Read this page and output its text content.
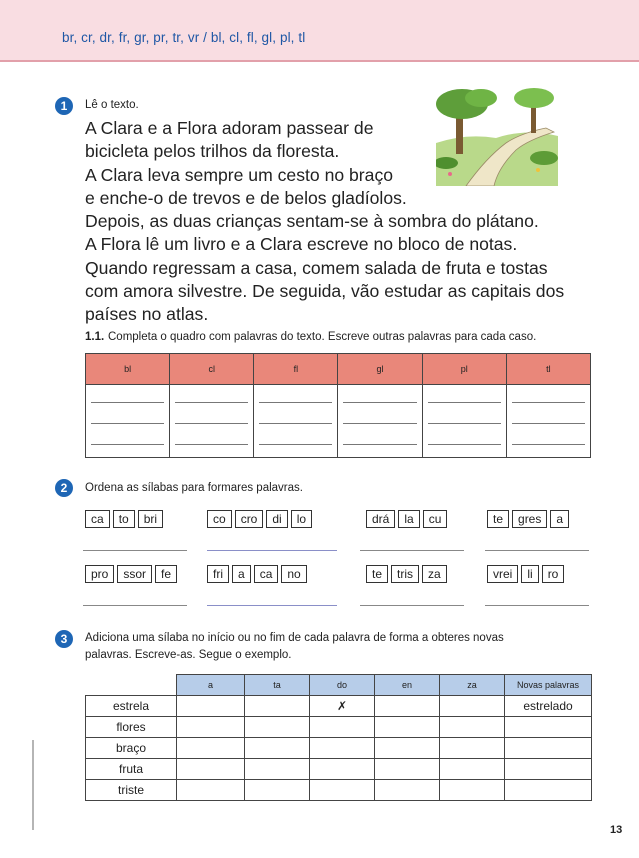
br, cr, dr, fr, gr, pr, tr, vr / bl, cl, fl, gl, pl, tl
1	Lê o texto.
A Clara e a Flora adoram passear de
bicicleta pelos trilhos da floresta.
A Clara leva sempre um cesto no braço
e enche-o de trevos e de belos gladíolos.
Depois, as duas crianças sentam-se à sombra do plátano.
A Flora lê um livro e a Clara escreve no bloco de notas.
Quando regressam a casa, comem salada de fruta e tostas
com amora silvestre. De seguida, vão estudar as capitais dos
países no atlas.
1.1. Completa o quadro com palavras do texto. Escreve outras palavras para cada caso.
bl	cl	fl	gl	pl	tl

2	Ordena as sílabas para formares palavras.
ca	to	bri	co	cro	di	lo	drá	la	cu	te	gres	a
pro	ssor	fe	fri	a	ca	no	te	tris	za	vrei	li	ro
3	Adiciona uma sílaba no início ou no fim de cada palavra de forma a obteres novas
palavras. Escreve-as. Segue o exemplo.
	a	ta	do	en	za	Novas palavras
estrela			✗			estrelado
flores						
braço						
fruta						
triste						
13
